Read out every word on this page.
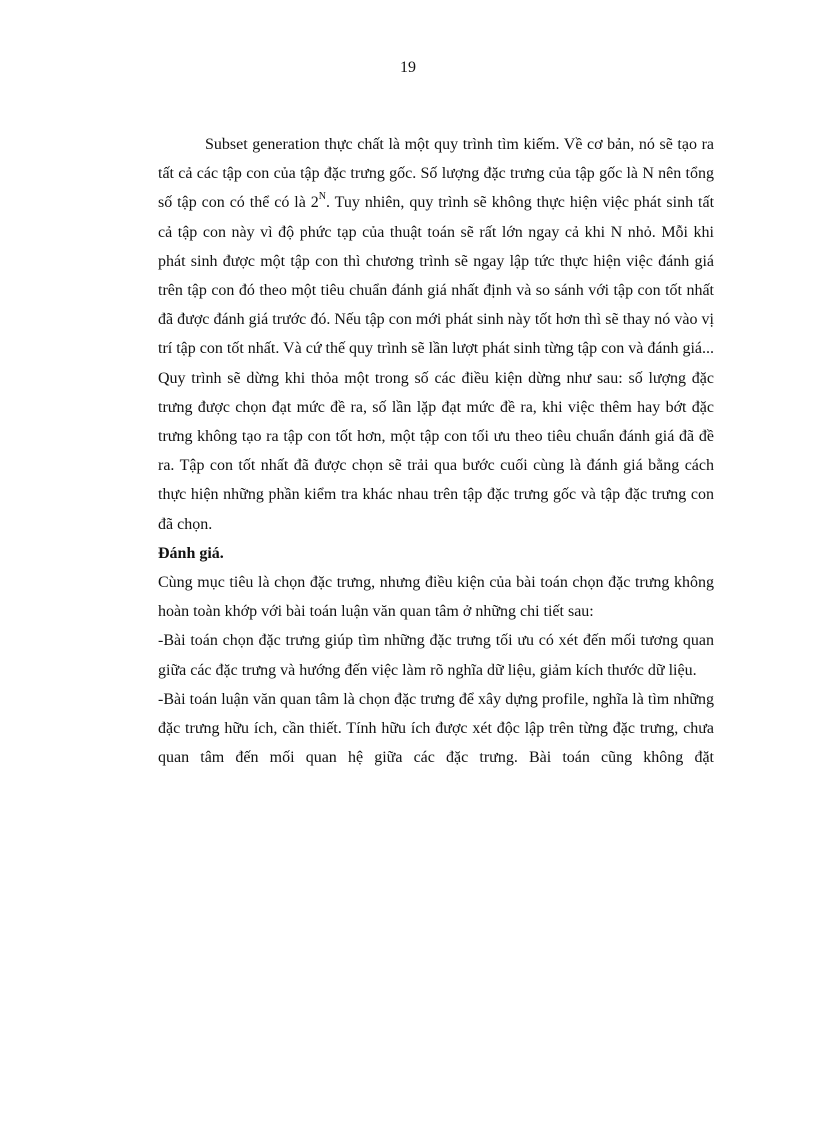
19

Subset generation thực chất là một quy trình tìm kiếm. Về cơ bản, nó sẽ tạo ra tất cả các tập con của tập đặc trưng gốc. Số lượng đặc trưng của tập gốc là N nên tổng số tập con có thể có là $2^N$. Tuy nhiên, quy trình sẽ không thực hiện việc phát sinh tất cả tập con này vì độ phức tạp của thuật toán sẽ rất lớn ngay cả khi N nhỏ. Mỗi khi phát sinh được một tập con thì chương trình sẽ ngay lập tức thực hiện việc đánh giá trên tập con đó theo một tiêu chuẩn đánh giá nhất định và so sánh với tập con tốt nhất đã được đánh giá trước đó. Nếu tập con mới phát sinh này tốt hơn thì sẽ thay nó vào vị trí tập con tốt nhất. Và cứ thế quy trình sẽ lần lượt phát sinh từng tập con và đánh giá... Quy trình sẽ dừng khi thỏa một trong số các điều kiện dừng như sau: số lượng đặc trưng được chọn đạt mức đề ra, số lần lặp đạt mức đề ra, khi việc thêm hay bớt đặc trưng không tạo ra tập con tốt hơn, một tập con tối ưu theo tiêu chuẩn đánh giá đã đề ra. Tập con tốt nhất đã được chọn sẽ trải qua bước cuối cùng là đánh giá bằng cách thực hiện những phần kiểm tra khác nhau trên tập đặc trưng gốc và tập đặc trưng con đã chọn.

Đánh giá.

Cùng mục tiêu là chọn đặc trưng, nhưng điều kiện của bài toán chọn đặc trưng không hoàn toàn khớp với bài toán luận văn quan tâm ở những chi tiết sau:

-Bài toán chọn đặc trưng giúp tìm những đặc trưng tối ưu có xét đến mối tương quan giữa các đặc trưng và hướng đến việc làm rõ nghĩa dữ liệu, giảm kích thước dữ liệu.

-Bài toán luận văn quan tâm là chọn đặc trưng để xây dựng profile, nghĩa là tìm những đặc trưng hữu ích, cần thiết. Tính hữu ích được xét độc lập trên từng đặc trưng, chưa quan tâm đến mối quan hệ giữa các đặc trưng. Bài toán cũng không đặt
